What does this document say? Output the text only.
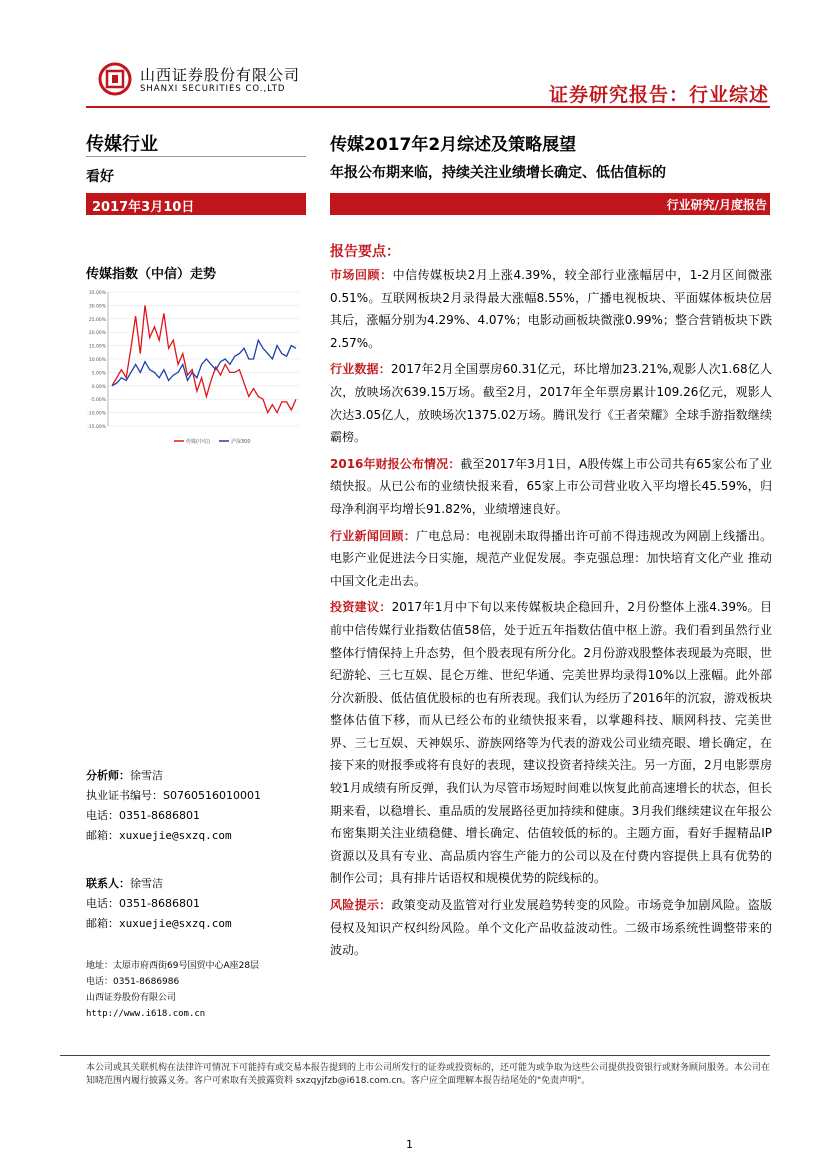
山西证券股份有限公司
SHANXI SECURITIES CO.,LTD	证券研究报告：行业综述
传媒行业
看好
2017年3月10日
传媒指数（中信）走势
35.00%
30.00%
25.00%
20.00%
15.00%
10.00%
5.00%
0.00%
-5.00%
-10.00%
-15.00%
传媒(中信)	沪深300
分析师：徐雪洁
执业证书编号：S0760516010001
电话：0351-8686801
邮箱：xuxuejie@sxzq.com
联系人：徐雪洁
电话：0351-8686801
邮箱：xuxuejie@sxzq.com
地址：太原市府西街69号国贸中心A座28层
电话：0351-8686986
山西证券股份有限公司
http://www.i618.com.cn
传媒2017年2月综述及策略展望
年报公布期来临，持续关注业绩增长确定、低估值标的
行业研究/月度报告
报告要点：

市场回顾：中信传媒板块2月上涨4.39%，较全部行业涨幅居中，1-2月区间微涨0.51%。互联网板块2月录得最大涨幅8.55%，广播电视板块、平面媒体板块位居其后，涨幅分别为4.29%、4.07%；电影动画板块微涨0.99%；整合营销板块下跌2.57%。

行业数据：2017年2月全国票房60.31亿元，环比增加23.21%,观影人次1.68亿人次，放映场次639.15万场。截至2月，2017年全年票房累计109.26亿元，观影人次达3.05亿人，放映场次1375.02万场。腾讯发行《王者荣耀》全球手游指数继续霸榜。

2016年财报公布情况：截至2017年3月1日，A股传媒上市公司共有65家公布了业绩快报。从已公布的业绩快报来看，65家上市公司营业收入平均增长45.59%，归母净利润平均增长91.82%，业绩增速良好。

行业新闻回顾：广电总局：电视剧未取得播出许可前不得违规改为网剧上线播出。电影产业促进法今日实施，规范产业促发展。李克强总理：加快培育文化产业 推动中国文化走出去。

投资建议：2017年1月中下旬以来传媒板块企稳回升，2月份整体上涨4.39%。目前中信传媒行业指数估值58倍，处于近五年指数估值中枢上游。我们看到虽然行业整体行情保持上升态势，但个股表现有所分化。2月份游戏股整体表现最为亮眼，世纪游轮、三七互娱、昆仑万维、世纪华通、完美世界均录得10%以上涨幅。此外部分次新股、低估值优股标的也有所表现。我们认为经历了2016年的沉寂，游戏板块整体估值下移，而从已经公布的业绩快报来看，以掌趣科技、顺网科技、完美世界、三七互娱、天神娱乐、游族网络等为代表的游戏公司业绩亮眼、增长确定，在接下来的财报季或将有良好的表现，建议投资者持续关注。另一方面，2月电影票房较1月成绩有所反弹，我们认为尽管市场短时间难以恢复此前高速增长的状态，但长期来看，以稳增长、重品质的发展路径更加持续和健康。3月我们继续建议在年报公布密集期关注业绩稳健、增长确定、估值较低的标的。主题方面，看好手握精品IP资源以及具有专业、高品质内容生产能力的公司以及在付费内容提供上具有优势的制作公司；具有排片话语权和规模优势的院线标的。

风险提示：政策变动及监管对行业发展趋势转变的风险。市场竞争加剧风险。盗版侵权及知识产权纠纷风险。单个文化产品收益波动性。二级市场系统性调整带来的波动。

本公司或其关联机构在法律许可情况下可能持有或交易本报告提到的上市公司所发行的证券或投资标的，还可能为或争取为这些公司提供投资银行或财务顾问服务。本公司在知晓范围内履行披露义务。客户可索取有关披露资料 sxzqyjfzb@i618.com.cn。客户应全面理解本报告结尾处的"免责声明"。
1
